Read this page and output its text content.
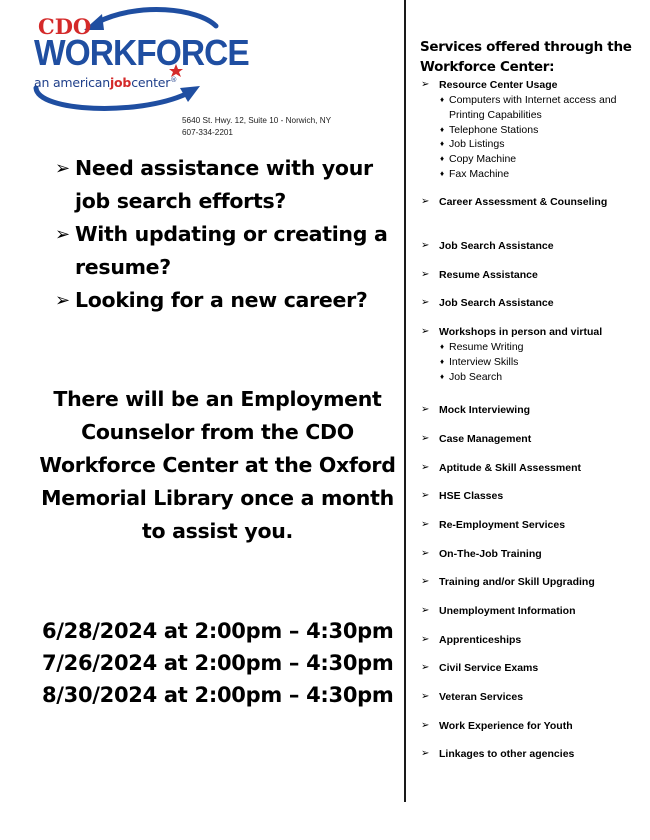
CDO
WORKFORCE
an americanjobcenter®
5640 St. Hwy. 12, Suite 10 - Norwich, NY
607-334-2201
➢ Need assistance with your job search efforts?
➢ With updating or creating a resume?
➢ Looking for a new career?
There will be an Employment Counselor from the CDO Workforce Center at the Oxford Memorial Library once a month to assist you.
6/28/2024 at 2:00pm – 4:30pm
7/26/2024 at 2:00pm – 4:30pm
8/30/2024 at 2:00pm – 4:30pm
Services offered through the Workforce Center:
➢ Resource Center Usage
♦ Computers with Internet access and Printing Capabilities
♦ Telephone Stations
♦ Job Listings
♦ Copy Machine
♦ Fax Machine
➢ Career Assessment & Counseling
➢ Job Search Assistance
➢ Resume Assistance
➢ Job Search Assistance
➢ Workshops in person and virtual
♦ Resume Writing
♦ Interview Skills
♦ Job Search
➢ Mock Interviewing
➢ Case Management
➢ Aptitude & Skill Assessment
➢ HSE Classes
➢ Re-Employment Services
➢ On-The-Job Training
➢ Training and/or Skill Upgrading
➢ Unemployment Information
➢ Apprenticeships
➢ Civil Service Exams
➢ Veteran Services
➢ Work Experience for Youth
➢ Linkages to other agencies
